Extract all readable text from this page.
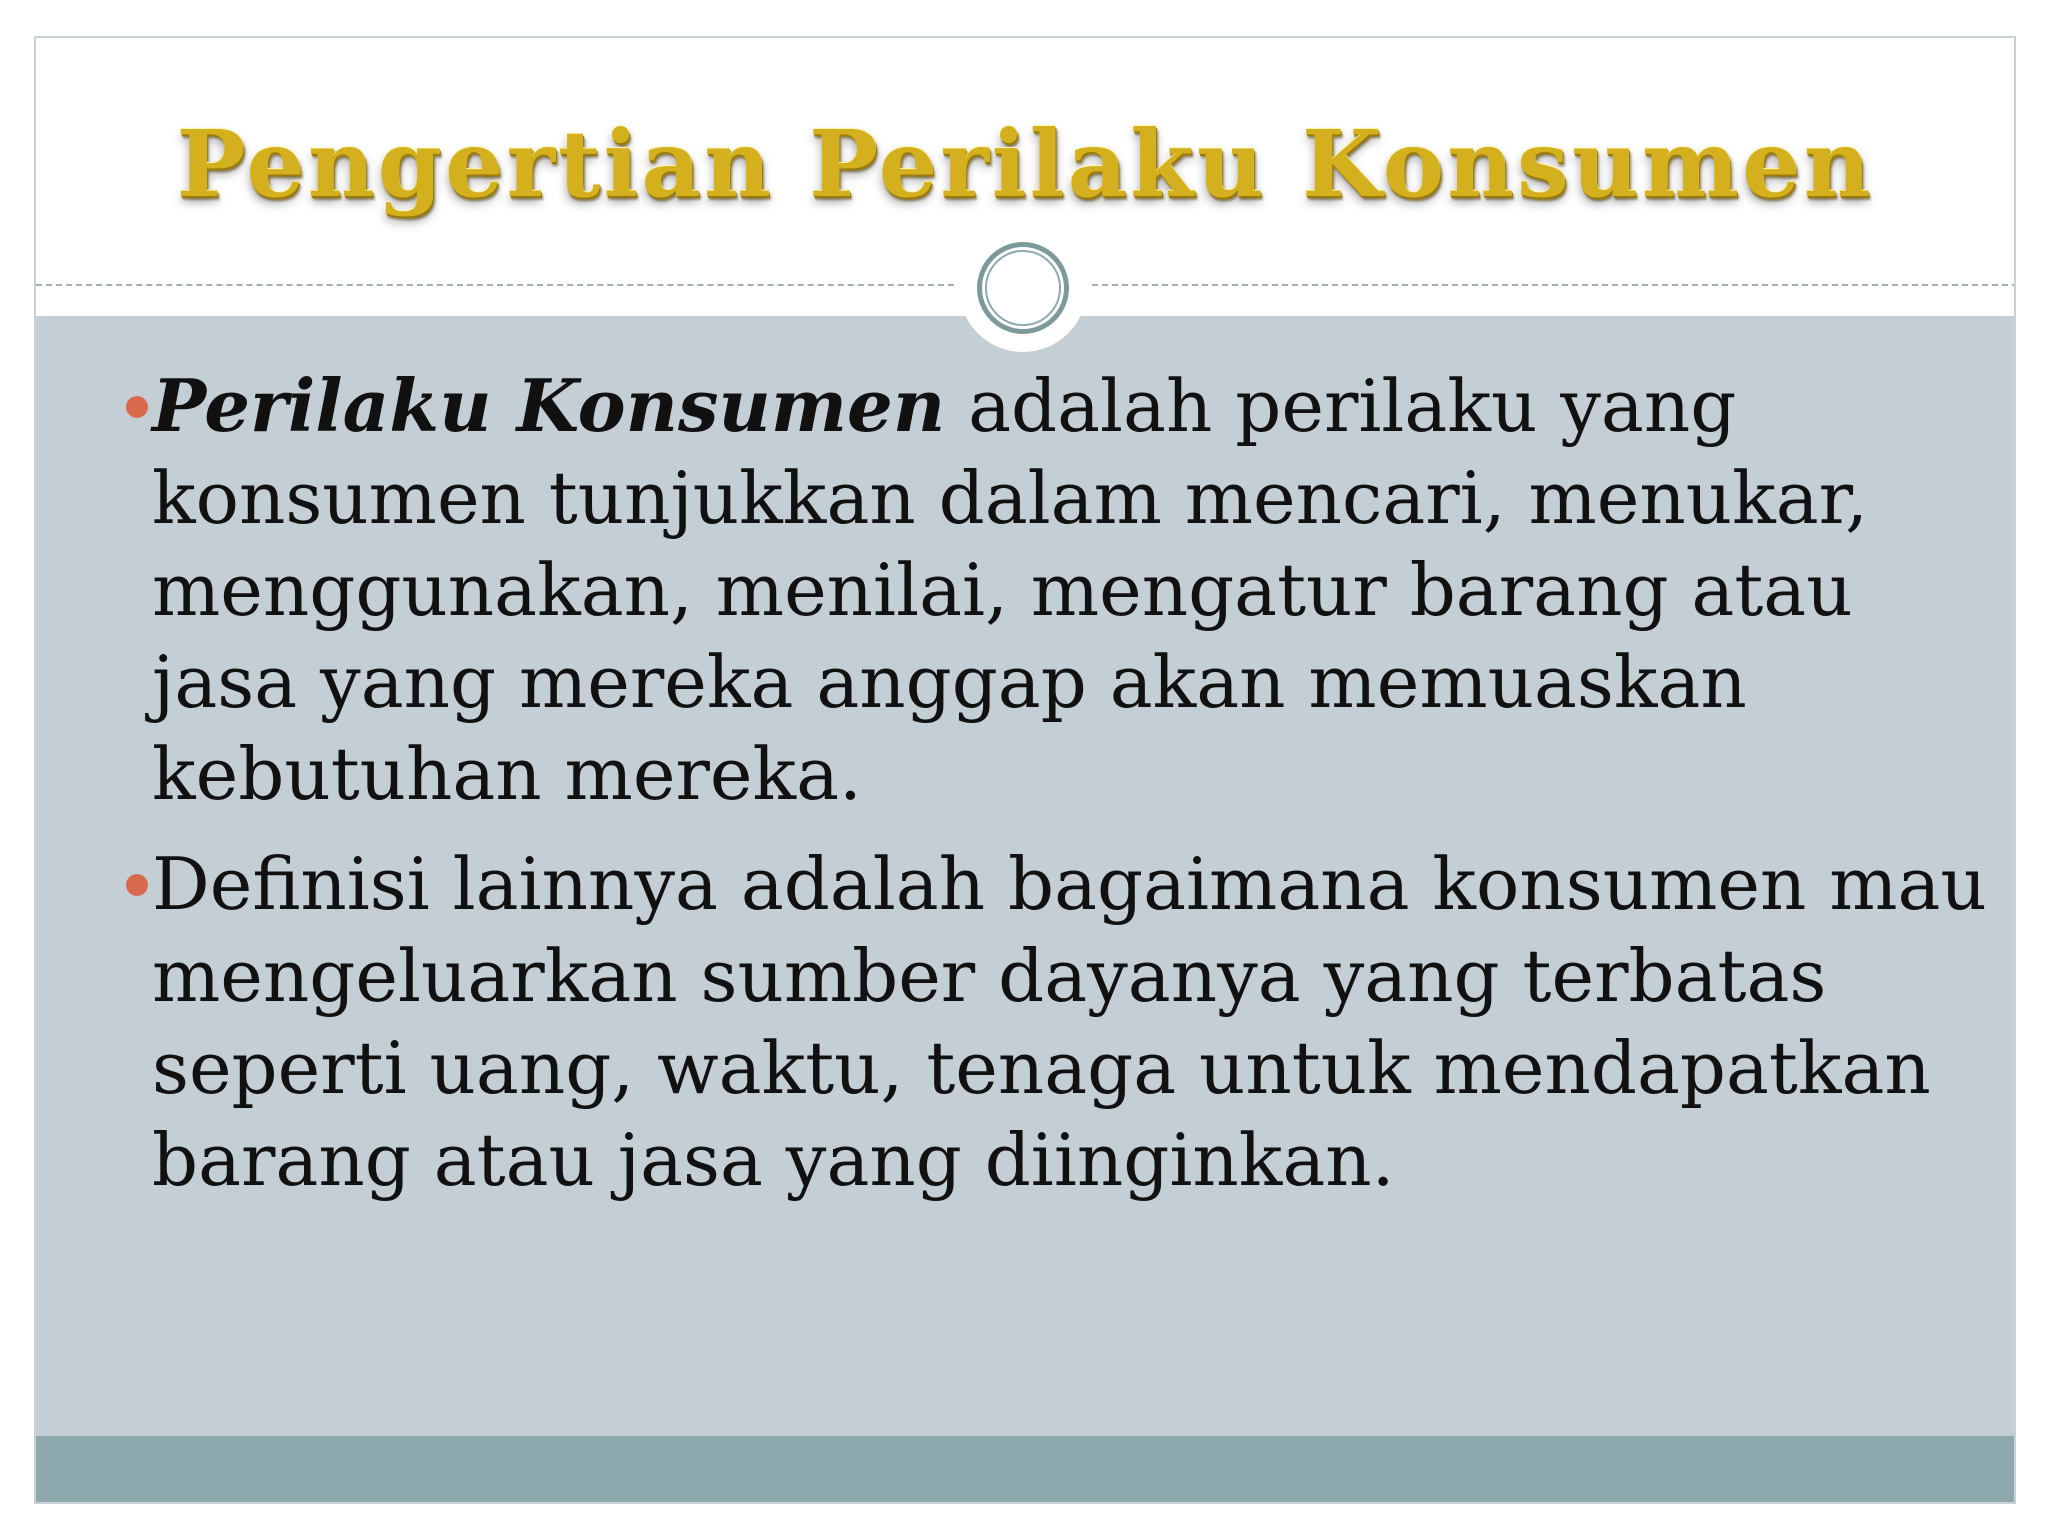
Pengertian Perilaku Konsumen
Perilaku Konsumen adalah perilaku yang konsumen tunjukkan dalam mencari, menukar, menggunakan, menilai, mengatur barang atau jasa yang mereka anggap akan memuaskan kebutuhan mereka.
Definisi lainnya adalah bagaimana konsumen mau mengeluarkan sumber dayanya yang terbatas seperti uang, waktu, tenaga untuk mendapatkan barang atau jasa yang diinginkan.
